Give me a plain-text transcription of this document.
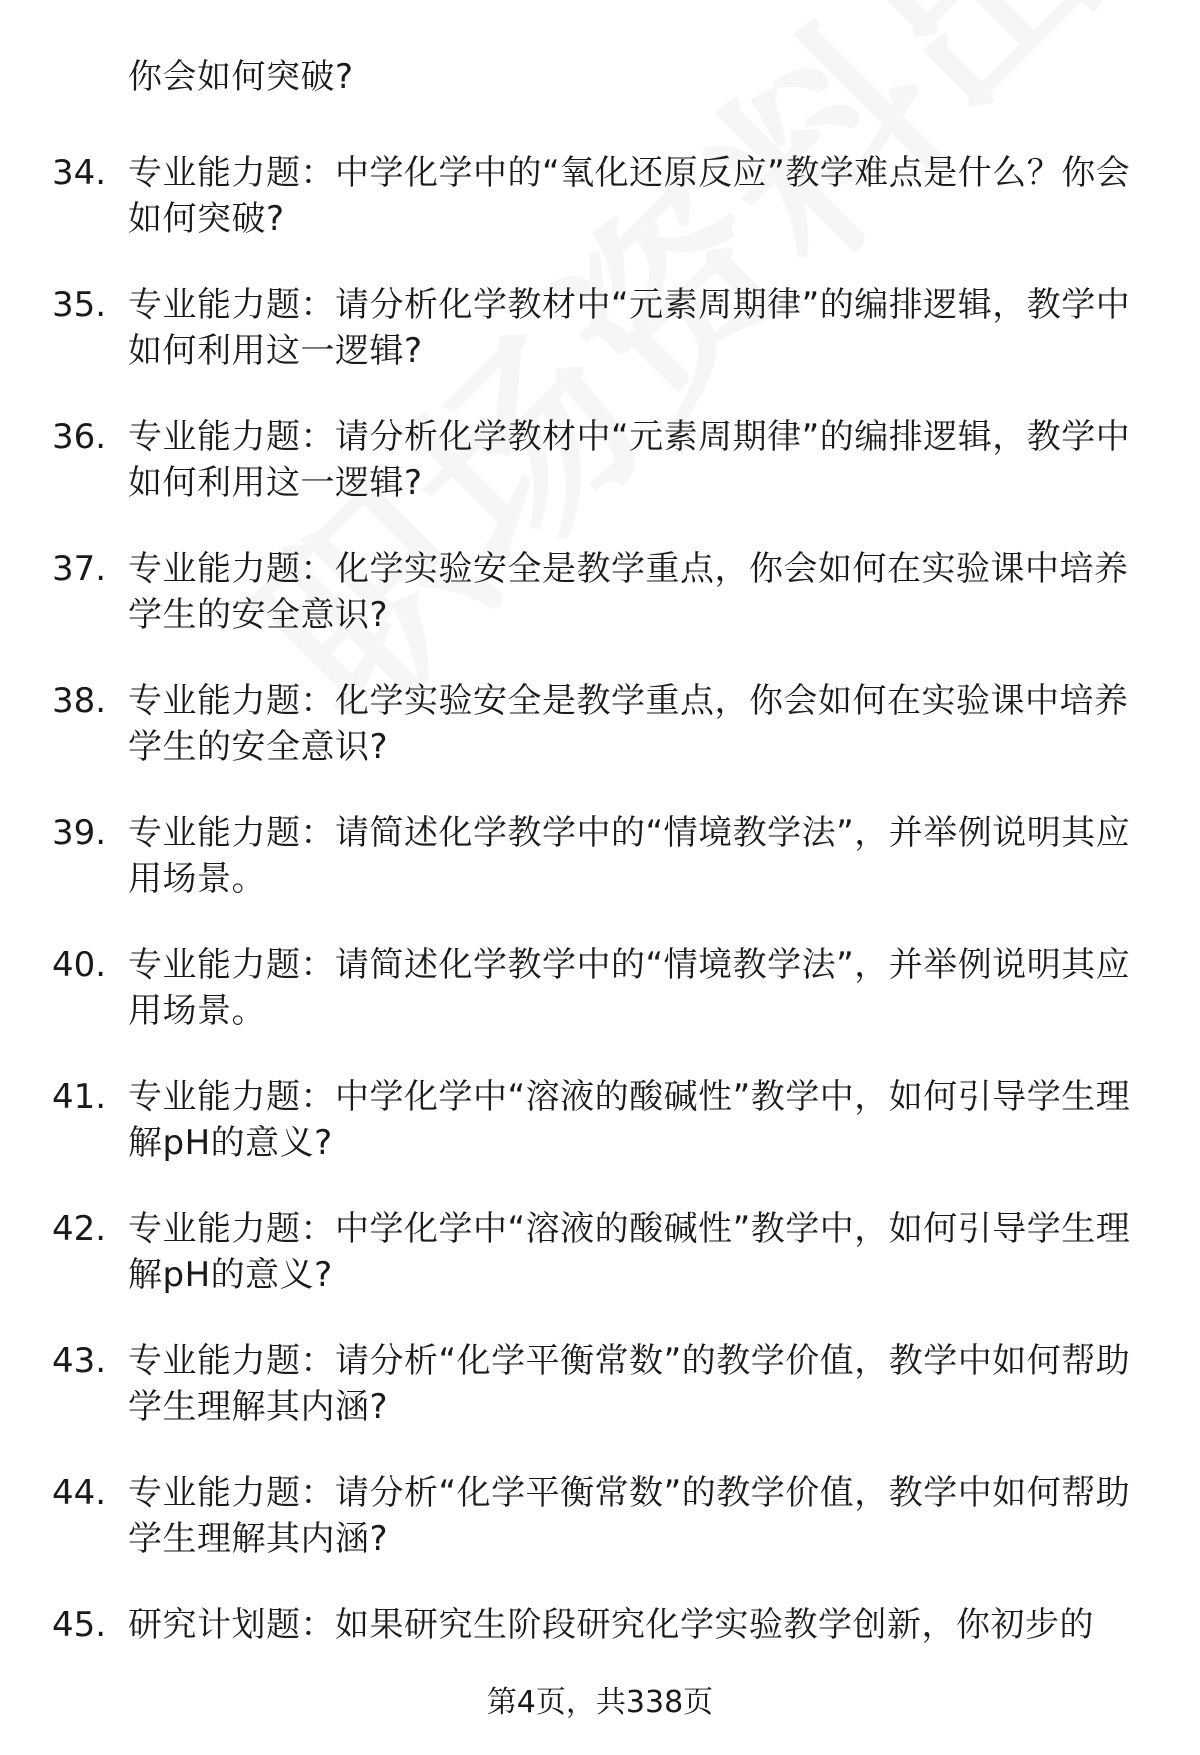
你会如何突破?
34. 专业能力题：中学化学中的“氧化还原反应”教学难点是什么？你会如何突破?
35. 专业能力题：请分析化学教材中“元素周期律”的编排逻辑，教学中如何利用这一逻辑?
36. 专业能力题：请分析化学教材中“元素周期律”的编排逻辑，教学中如何利用这一逻辑?
37. 专业能力题：化学实验安全是教学重点，你会如何在实验课中培养学生的安全意识?
38. 专业能力题：化学实验安全是教学重点，你会如何在实验课中培养学生的安全意识?
39. 专业能力题：请简述化学教学中的“情境教学法”，并举例说明其应用场景。
40. 专业能力题：请简述化学教学中的“情境教学法”，并举例说明其应用场景。
41. 专业能力题：中学化学中“溶液的酸碱性”教学中，如何引导学生理解pH的意义?
42. 专业能力题：中学化学中“溶液的酸碱性”教学中，如何引导学生理解pH的意义?
43. 专业能力题：请分析“化学平衡常数”的教学价值，教学中如何帮助学生理解其内涵?
44. 专业能力题：请分析“化学平衡常数”的教学价值，教学中如何帮助学生理解其内涵?
45. 研究计划题：如果研究生阶段研究化学实验教学创新，你初步的
第4页，共338页
